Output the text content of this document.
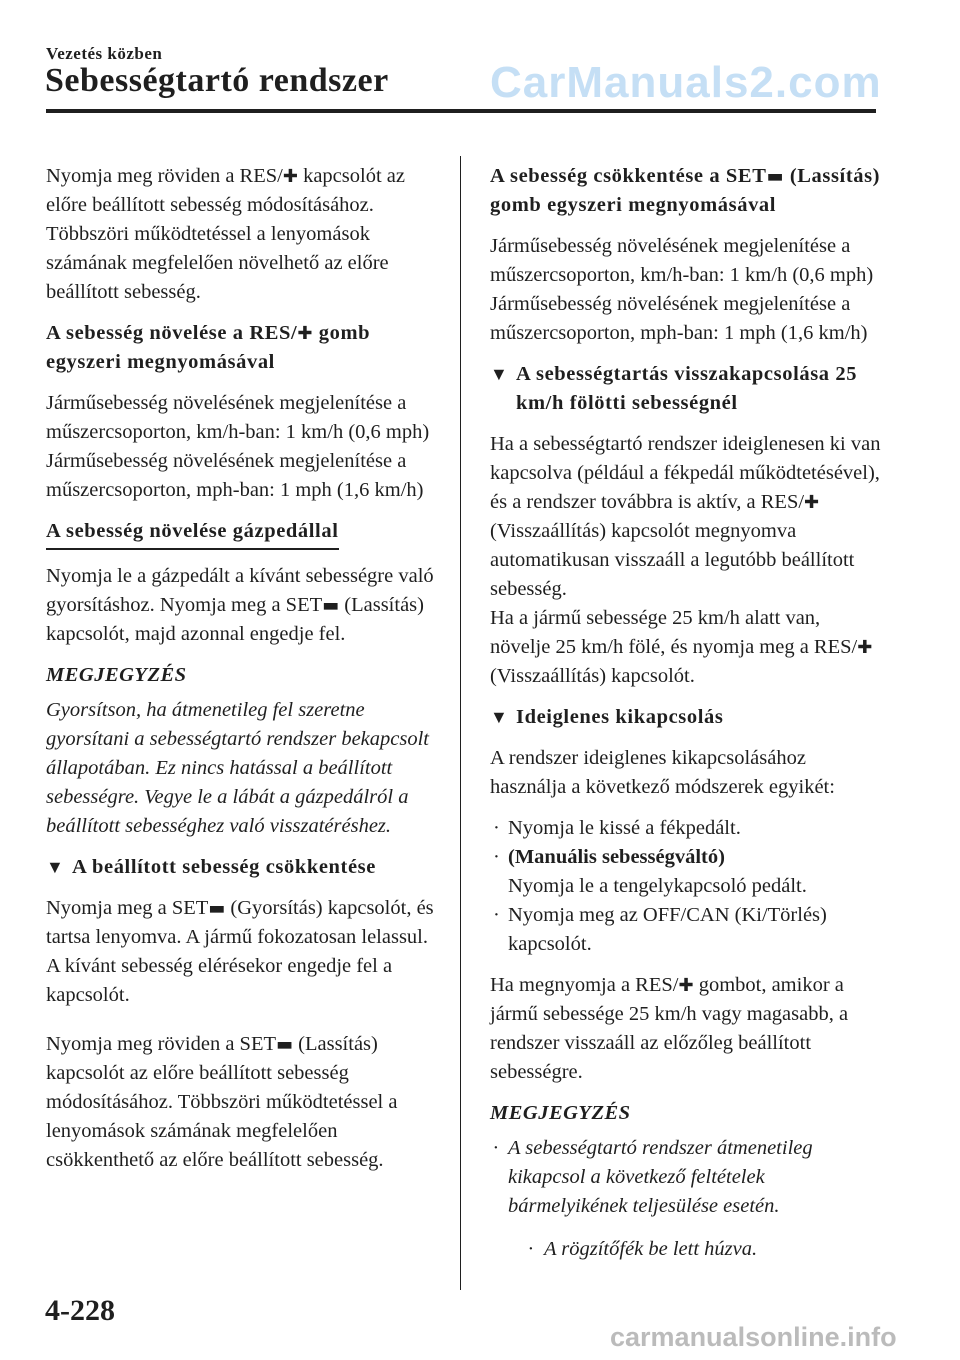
CarManuals2.com
Vezetés közben
Sebességtartó rendszer

Nyomja meg röviden a RES/✚ kapcsolót az előre beállított sebesség módosításához. Többszöri működtetéssel a lenyomások számának megfelelően növelhető az előre beállított sebesség.

A sebesség növelése a RES/✚ gomb egyszeri megnyomásával

Járműsebesség növelésének megjelenítése a műszercsoporton, km/h-ban: 1 km/h (0,6 mph)
Járműsebesség növelésének megjelenítése a műszercsoporton, mph-ban: 1 mph (1,6 km/h)

A sebesség növelése gázpedállal

Nyomja le a gázpedált a kívánt sebességre való gyorsításhoz. Nyomja meg a SET▬ (Lassítás) kapcsolót, majd azonnal engedje fel.

MEGJEGYZÉS
Gyorsítson, ha átmenetileg fel szeretne gyorsítani a sebességtartó rendszer bekapcsolt állapotában. Ez nincs hatással a beállított sebességre. Vegye le a lábát a gázpedálról a beállított sebességhez való visszatéréshez.
▼ A beállított sebesség csökkentése

Nyomja meg a SET▬ (Gyorsítás) kapcsolót, és tartsa lenyomva. A jármű fokozatosan lelassul.
A kívánt sebesség elérésekor engedje fel a kapcsolót.

Nyomja meg röviden a SET▬ (Lassítás) kapcsolót az előre beállított sebesség módosításához. Többszöri működtetéssel a lenyomások számának megfelelően csökkenthető az előre beállított sebesség.

A sebesség csökkentése a SET▬ (Lassítás) gomb egyszeri megnyomásával

Járműsebesség növelésének megjelenítése a műszercsoporton, km/h-ban: 1 km/h (0,6 mph)
Járműsebesség növelésének megjelenítése a műszercsoporton, mph-ban: 1 mph (1,6 km/h)

▼ A sebességtartás visszakapcsolása 25 km/h fölötti sebességnél

Ha a sebességtartó rendszer ideiglenesen ki van kapcsolva (például a fékpedál működtetésével), és a rendszer továbbra is aktív, a RES/✚ (Visszaállítás) kapcsolót megnyomva automatikusan visszaáll a legutóbb beállított sebesség.
Ha a jármű sebessége 25 km/h alatt van, növelje 25 km/h fölé, és nyomja meg a RES/✚ (Visszaállítás) kapcsolót.

▼ Ideiglenes kikapcsolás

A rendszer ideiglenes kikapcsolásához használja a következő módszerek egyikét:

· Nyomja le kissé a fékpedált.
· (Manuális sebességváltó)
Nyomja le a tengelykapcsoló pedált.
· Nyomja meg az OFF/CAN (Ki/Törlés) kapcsolót.

Ha megnyomja a RES/✚ gombot, amikor a jármű sebessége 25 km/h vagy magasabb, a rendszer visszaáll az előzőleg beállított sebességre.

MEGJEGYZÉS
· A sebességtartó rendszer átmenetileg kikapcsol a következő feltételek bármelyikének teljesülése esetén.
· A rögzítőfék be lett húzva.
4-228
carmanualsonline.info
